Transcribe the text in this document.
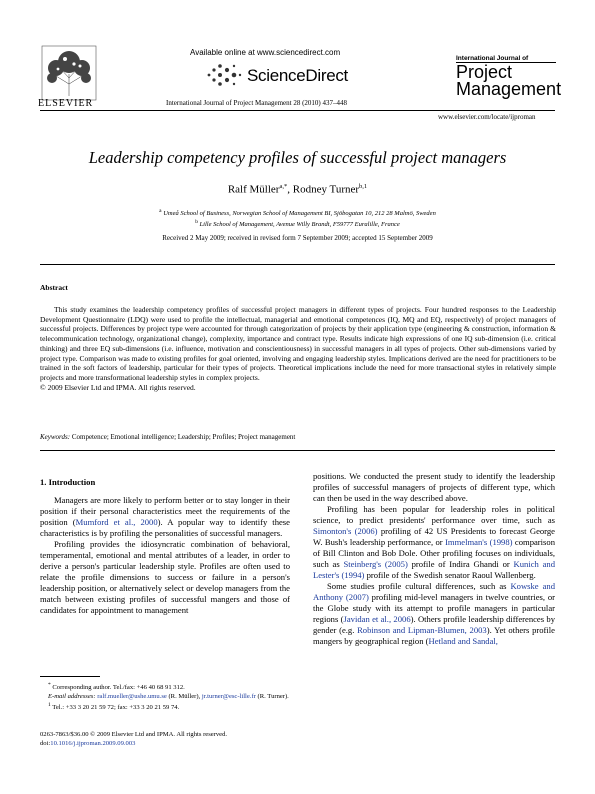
ELSEVIER
Available online at www.sciencedirect.com
ScienceDirect
International Journal of Project Management 28 (2010) 437–448
International Journal of
Project
Management
www.elsevier.com/locate/ijproman
Leadership competency profiles of successful project managers
Ralf Müller$^{a,*}$, Rodney Turner$^{b,1}$
$^a$ Umeå School of Business, Norwegian School of Management BI, Sjöbogatan 10, 212 28 Malmö, Sweden
$^b$ Lille School of Management, Avenue Willy Brandt, F59777 Euralille, France
Received 2 May 2009; received in revised form 7 September 2009; accepted 15 September 2009
Abstract
This study examines the leadership competency profiles of successful project managers in different types of projects. Four hundred responses to the Leadership Development Questionnaire (LDQ) were used to profile the intellectual, managerial and emotional competences (IQ, MQ and EQ, respectively) of project managers of successful projects. Differences by project type were accounted for through categorization of projects by their application type (engineering & construction, information & telecommunication technology, organizational change), complexity, importance and contract type. Results indicate high expressions of one IQ sub-dimension (i.e. critical thinking) and three EQ sub-dimensions (i.e. influence, motivation and conscientiousness) in successful managers in all types of projects. Other sub-dimensions varied by project type. Comparison was made to existing profiles for goal oriented, involving and engaging leadership styles. Implications derived are the need for practitioners to be trained in the soft factors of leadership, particular for their types of projects. Theoretical implications include the need for more transactional styles in relatively simple projects and more transformational leadership styles in complex projects.
© 2009 Elsevier Ltd and IPMA. All rights reserved.
Keywords: Competence; Emotional intelligence; Leadership; Profiles; Project management
1. Introduction

Managers are more likely to perform better or to stay longer in their position if their personal characteristics meet the requirements of the position (Mumford et al., 2000). A popular way to identify these characteristics is by profiling the personalities of successful managers.

Profiling provides the idiosyncratic combination of behavioral, temperamental, emotional and mental attributes of a leader, in order to derive a person's particular leadership style. Profiles are often used to relate the profile dimensions to success or failure in a person's leadership position, or alternatively select or develop managers from the match between existing profiles of successful mangers and those of candidates for appointment to management

* Corresponding author. Tel./fax: +46 40 68 91 312.

E-mail addresses: ralf.mueller@ushe.umu.se (R. Müller), jr.turner@esc-lille.fr (R. Turner).

$^1$ Tel.: +33 3 20 21 59 72; fax: +33 3 20 21 59 74.

0263-7863/$36.00 © 2009 Elsevier Ltd and IPMA. All rights reserved.
doi:10.1016/j.ijproman.2009.09.003

positions. We conducted the present study to identify the leadership profiles of successful managers of projects of different type, which can then be used in the way described above.

Profiling has been popular for leadership roles in political science, to predict presidents' performance over time, such as Simonton's (2006) profiling of 42 US Presidents to forecast George W. Bush's leadership performance, or Immelman's (1998) comparison of Bill Clinton and Bob Dole. Other profiling focuses on individuals, such as Steinberg's (2005) profile of Indira Ghandi or Kunich and Lester's (1994) profile of the Swedish senator Raoul Wallenberg.

Some studies profile cultural differences, such as Kowske and Anthony (2007) profiling mid-level managers in twelve countries, or the Globe study with its attempt to profile managers in particular regions (Javidan et al., 2006). Others profile leadership differences by gender (e.g. Robinson and Lipman-Blumen, 2003). Yet others profile mangers by geographical region (Hetland and Sandal,
